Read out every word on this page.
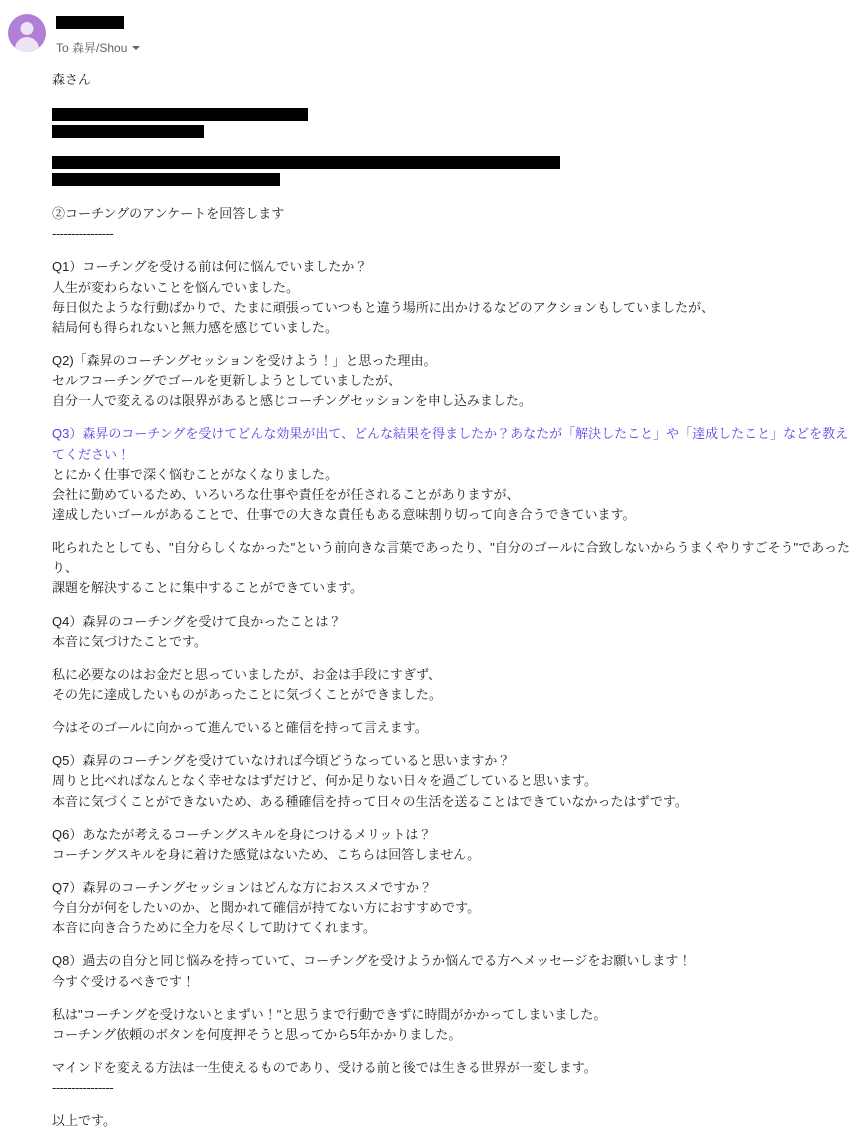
To 森昇/Shou

森さん

②コーチングのアンケートを回答します

----------------

Q1）コーチングを受ける前は何に悩んでいましたか？

人生が変わらないことを悩んでいました。

毎日似たような行動ばかりで、たまに頑張っていつもと違う場所に出かけるなどのアクションもしていましたが、

結局何も得られないと無力感を感じていました。

Q2)「森昇のコーチングセッションを受けよう！」と思った理由。

セルフコーチングでゴールを更新しようとしていましたが、

自分一人で変えるのは限界があると感じコーチングセッションを申し込みました。

Q3）森昇のコーチングを受けてどんな効果が出て、どんな結果を得ましたか？あなたが「解決したこと」や「達成したこと」などを教えてください！

とにかく仕事で深く悩むことがなくなりました。

会社に勤めているため、いろいろな仕事や責任をが任されることがありますが、

達成したいゴールがあることで、仕事での大きな責任もある意味割り切って向き合うできています。

叱られたとしても、"自分らしくなかった"という前向きな言葉であったり、"自分のゴールに合致しないからうまくやりすごそう"であったり、

課題を解決することに集中することができています。

Q4）森昇のコーチングを受けて良かったことは？

本音に気づけたことです。

私に必要なのはお金だと思っていましたが、お金は手段にすぎず、

その先に達成したいものがあったことに気づくことができました。

今はそのゴールに向かって進んでいると確信を持って言えます。

Q5）森昇のコーチングを受けていなければ今頃どうなっていると思いますか？

周りと比べればなんとなく幸せなはずだけど、何か足りない日々を過ごしていると思います。

本音に気づくことができないため、ある種確信を持って日々の生活を送ることはできていなかったはずです。

Q6）あなたが考えるコーチングスキルを身につけるメリットは？

コーチングスキルを身に着けた感覚はないため、こちらは回答しません。

Q7）森昇のコーチングセッションはどんな方におススメですか？

今自分が何をしたいのか、と聞かれて確信が持てない方におすすめです。

本音に向き合うために全力を尽くして助けてくれます。

Q8）過去の自分と同じ悩みを持っていて、コーチングを受けようか悩んでる方へメッセージをお願いします！

今すぐ受けるべきです！

私は"コーチングを受けないとまずい！"と思うまで行動できずに時間がかかってしまいました。

コーチング依頼のボタンを何度押そうと思ってから5年かかりました。

マインドを変える方法は一生使えるものであり、受ける前と後では生きる世界が一変します。

----------------

以上です。
